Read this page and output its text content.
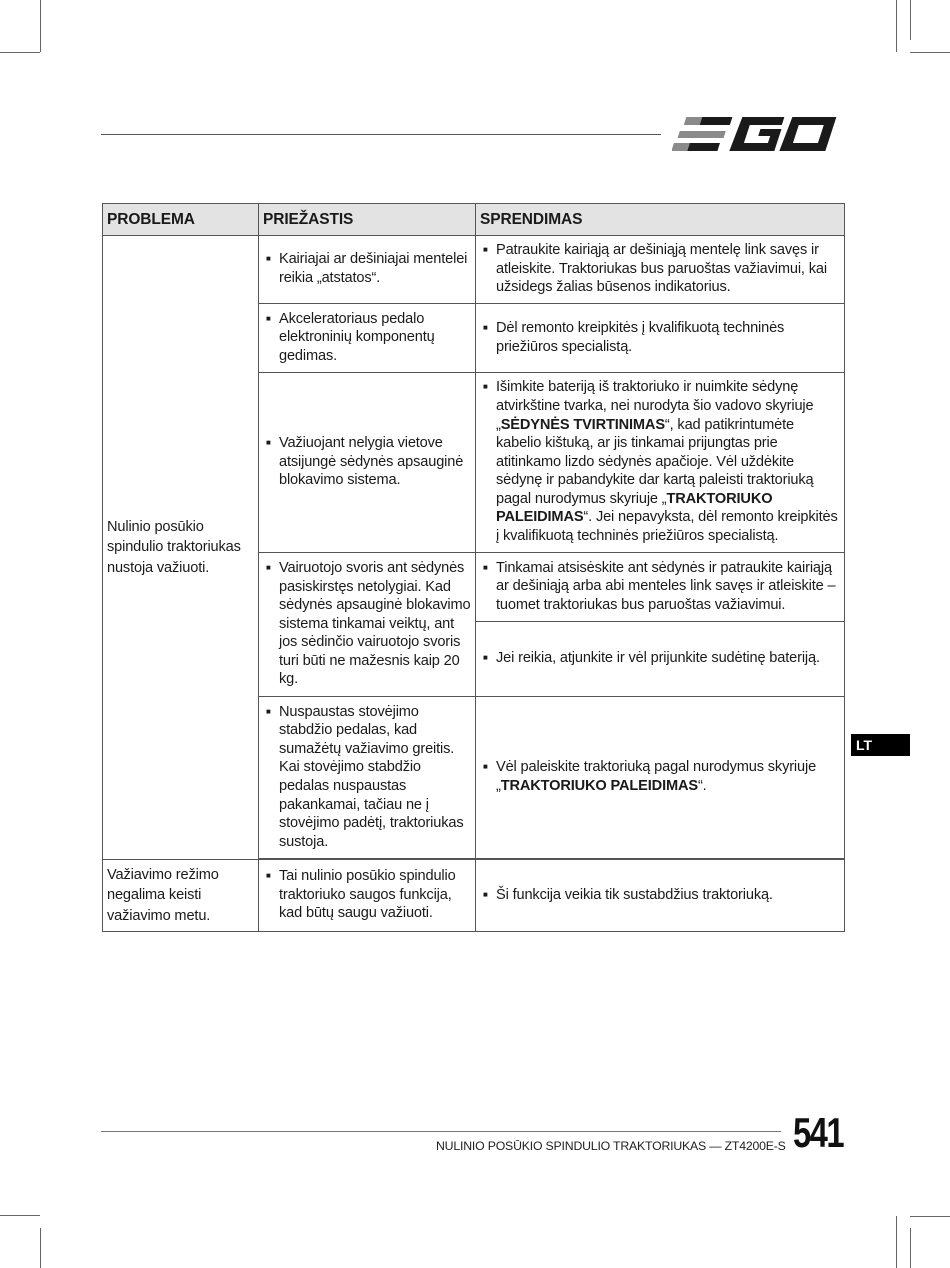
PROBLEMA	PRIEŽASTIS	SPRENDIMAS

Nulinio posūkio spindulio traktoriukas nustoja važiuoti.	■ Kairiajai ar dešiniajai mentelei reikia „atstatos“.	■ Patraukite kairiąją ar dešiniąją mentelę link savęs ir atleiskite. Traktoriukas bus paruoštas važiavimui, kai užsidegs žalias būsenos indikatorius.

	■ Akceleratoriaus pedalo elektroninių komponentų gedimas.	■ Dėl remonto kreipkitės į kvalifikuotą techninės priežiūros specialistą.

	■ Važiuojant nelygia vietove atsijungė sėdynės apsauginė blokavimo sistema.	■ Išimkite bateriją iš traktoriuko ir nuimkite sėdynę atvirkštine tvarka, nei nurodyta šio vadovo skyriuje „SĖDYNĖS TVIRTINIMAS“, kad patikrintumėte kabelio kištuką, ar jis tinkamai prijungtas prie atitinkamo lizdo sėdynės apačioje. Vėl uždėkite sėdynę ir pabandykite dar kartą paleisti traktoriuką pagal nurodymus skyriuje „TRAKTORIUKO PALEIDIMAS“. Jei nepavyksta, dėl remonto kreipkitės į kvalifikuotą techninės priežiūros specialistą.

	■ Vairuotojo svoris ant sėdynės pasiskirstęs netolygiai. Kad sėdynės apsauginė blokavimo sistema tinkamai veiktų, ant jos sėdinčio vairuotojo svoris turi būti ne mažesnis kaip 20 kg.	■ Tinkamai atsisėskite ant sėdynės ir patraukite kairiąją ar dešiniąją arba abi menteles link savęs ir atleiskite – tuomet traktoriukas bus paruoštas važiavimui.

		■ Jei reikia, atjunkite ir vėl prijunkite sudėtinę bateriją.

	■ Nuspaustas stovėjimo stabdžio pedalas, kad sumažėtų važiavimo greitis. Kai stovėjimo stabdžio pedalas nuspaustas pakankamai, tačiau ne į stovėjimo padėtį, traktoriukas sustoja.	■ Vėl paleiskite traktoriuką pagal nurodymus skyriuje „TRAKTORIUKO PALEIDIMAS“.

Važiavimo režimo negalima keisti važiavimo metu.	■ Tai nulinio posūkio spindulio traktoriuko saugos funkcija, kad būtų saugu važiuoti.	■ Ši funkcija veikia tik sustabdžius traktoriuką.
LT
NULINIO POSŪKIO SPINDULIO TRAKTORIUKAS — ZT4200E-S 541
